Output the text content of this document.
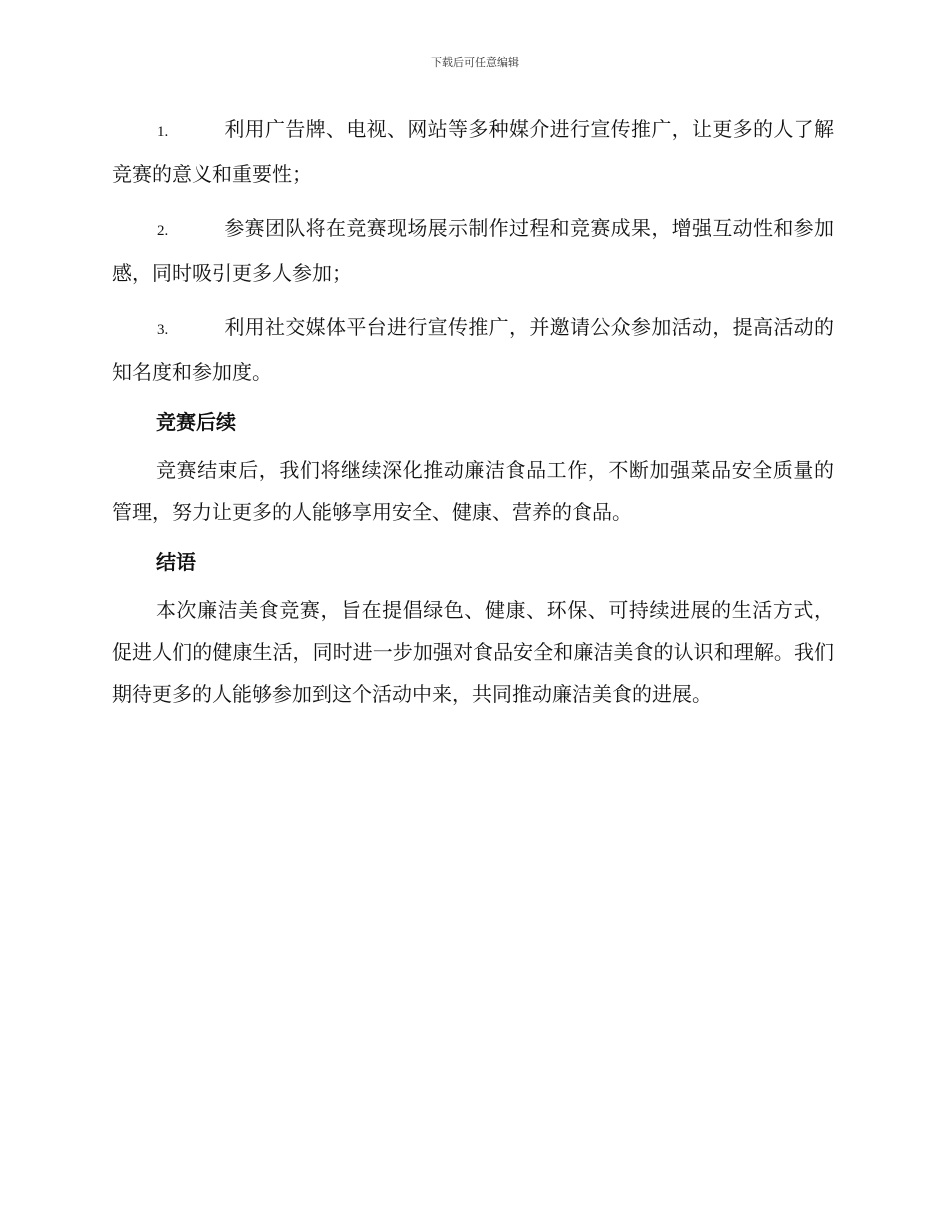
下载后可任意编辑

1.	利用广告牌、电视、网站等多种媒介进行宣传推广，让更多的人了解竞赛的意义和重要性；

2.	参赛团队将在竞赛现场展示制作过程和竞赛成果，增强互动性和参加感，同时吸引更多人参加；

3.	利用社交媒体平台进行宣传推广，并邀请公众参加活动，提高活动的知名度和参加度。

竞赛后续

竞赛结束后，我们将继续深化推动廉洁食品工作，不断加强菜品安全质量的管理，努力让更多的人能够享用安全、健康、营养的食品。

结语

本次廉洁美食竞赛，旨在提倡绿色、健康、环保、可持续进展的生活方式，促进人们的健康生活，同时进一步加强对食品安全和廉洁美食的认识和理解。我们期待更多的人能够参加到这个活动中来，共同推动廉洁美食的进展。
